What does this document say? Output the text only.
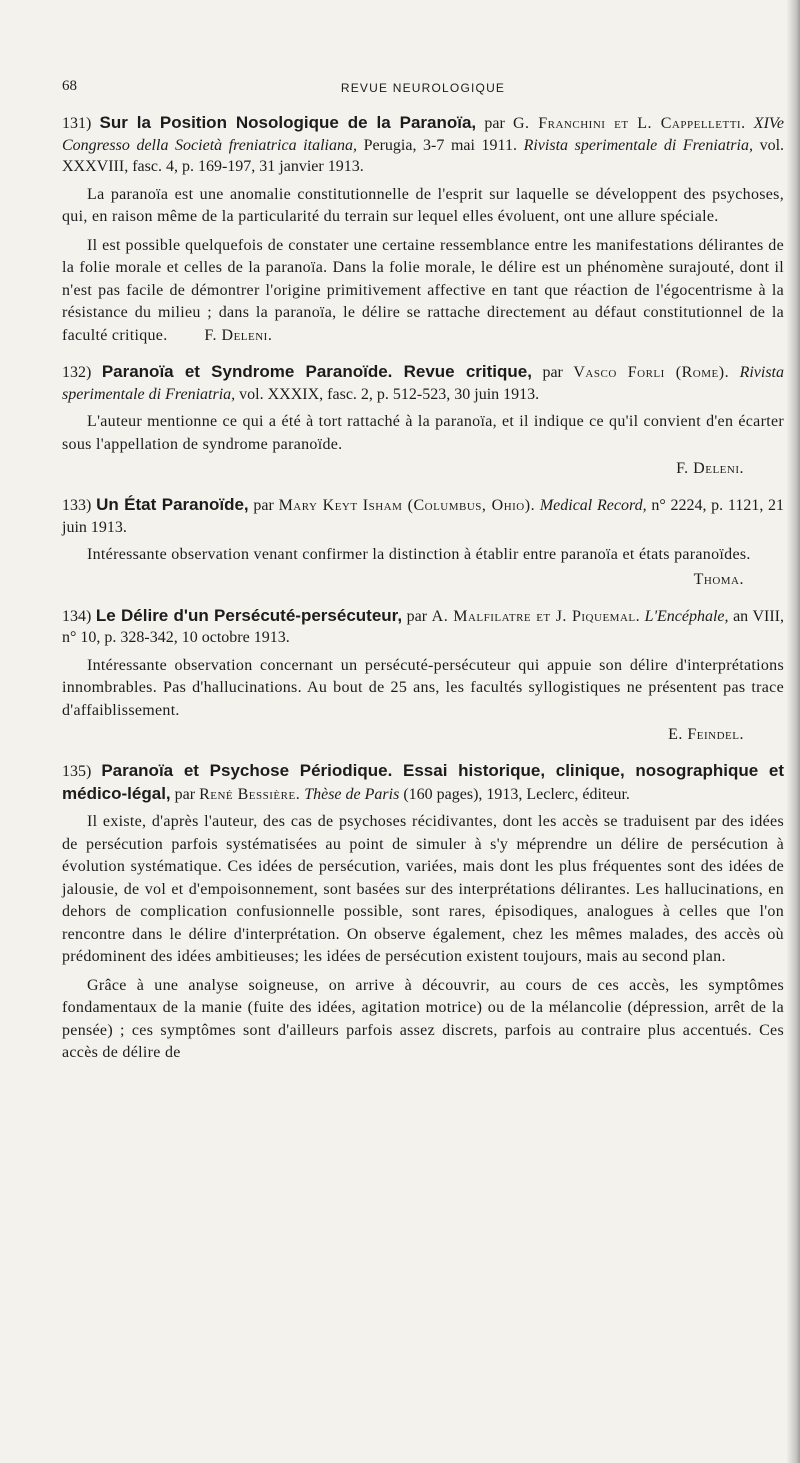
68	REVUE NEUROLOGIQUE
131) Sur la Position Nosologique de la Paranoïa, par G. Franchini et L. Cappelletti. XIVe Congresso della Società freniatrica italiana, Perugia, 3-7 mai 1911. Rivista sperimentale di Freniatria, vol. XXXVIII, fasc. 4, p. 169-197, 31 janvier 1913.

La paranoïa est une anomalie constitutionnelle de l'esprit sur laquelle se développent des psychoses, qui, en raison même de la particularité du terrain sur lequel elles évoluent, ont une allure spéciale.

Il est possible quelquefois de constater une certaine ressemblance entre les manifestations délirantes de la folie morale et celles de la paranoïa. Dans la folie morale, le délire est un phénomène surajouté, dont il n'est pas facile de démontrer l'origine primitivement affective en tant que réaction de l'égocentrisme à la résistance du milieu ; dans la paranoïa, le délire se rattache directement au défaut constitutionnel de la faculté critique.   F. Deleni.

132) Paranoïa et Syndrome Paranoïde. Revue critique, par Vasco Forli (Rome). Rivista sperimentale di Freniatria, vol. XXXIX, fasc. 2, p. 512-523, 30 juin 1913.

L'auteur mentionne ce qui a été à tort rattaché à la paranoïa, et il indique ce qu'il convient d'en écarter sous l'appellation de syndrome paranoïde.

F. Deleni.
133) Un État Paranoïde, par Mary Keyt Isham (Columbus, Ohio). Medical Record, n° 2224, p. 1121, 21 juin 1913.

Intéressante observation venant confirmer la distinction à établir entre paranoïa et états paranoïdes.

Thoma.
134) Le Délire d'un Persécuté-persécuteur, par A. Malfilatre et J. Piquemal. L'Encéphale, an VIII, n° 10, p. 328-342, 10 octobre 1913.

Intéressante observation concernant un persécuté-persécuteur qui appuie son délire d'interprétations innombrables. Pas d'hallucinations. Au bout de 25 ans, les facultés syllogistiques ne présentent pas trace d'affaiblissement.

E. Feindel.
135) Paranoïa et Psychose Périodique. Essai historique, clinique, nosographique et médico-légal, par René Bessière. Thèse de Paris (160 pages), 1913, Leclerc, éditeur.

Il existe, d'après l'auteur, des cas de psychoses récidivantes, dont les accès se traduisent par des idées de persécution parfois systématisées au point de simuler à s'y méprendre un délire de persécution à évolution systématique. Ces idées de persécution, variées, mais dont les plus fréquentes sont des idées de jalousie, de vol et d'empoisonnement, sont basées sur des interprétations délirantes. Les hallucinations, en dehors de complication confusionnelle possible, sont rares, épisodiques, analogues à celles que l'on rencontre dans le délire d'interprétation. On observe également, chez les mêmes malades, des accès où prédominent des idées ambitieuses; les idées de persécution existent toujours, mais au second plan.

Grâce à une analyse soigneuse, on arrive à découvrir, au cours de ces accès, les symptômes fondamentaux de la manie (fuite des idées, agitation motrice) ou de la mélancolie (dépression, arrêt de la pensée) ; ces symptômes sont d'ailleurs parfois assez discrets, parfois au contraire plus accentués. Ces accès de délire de
